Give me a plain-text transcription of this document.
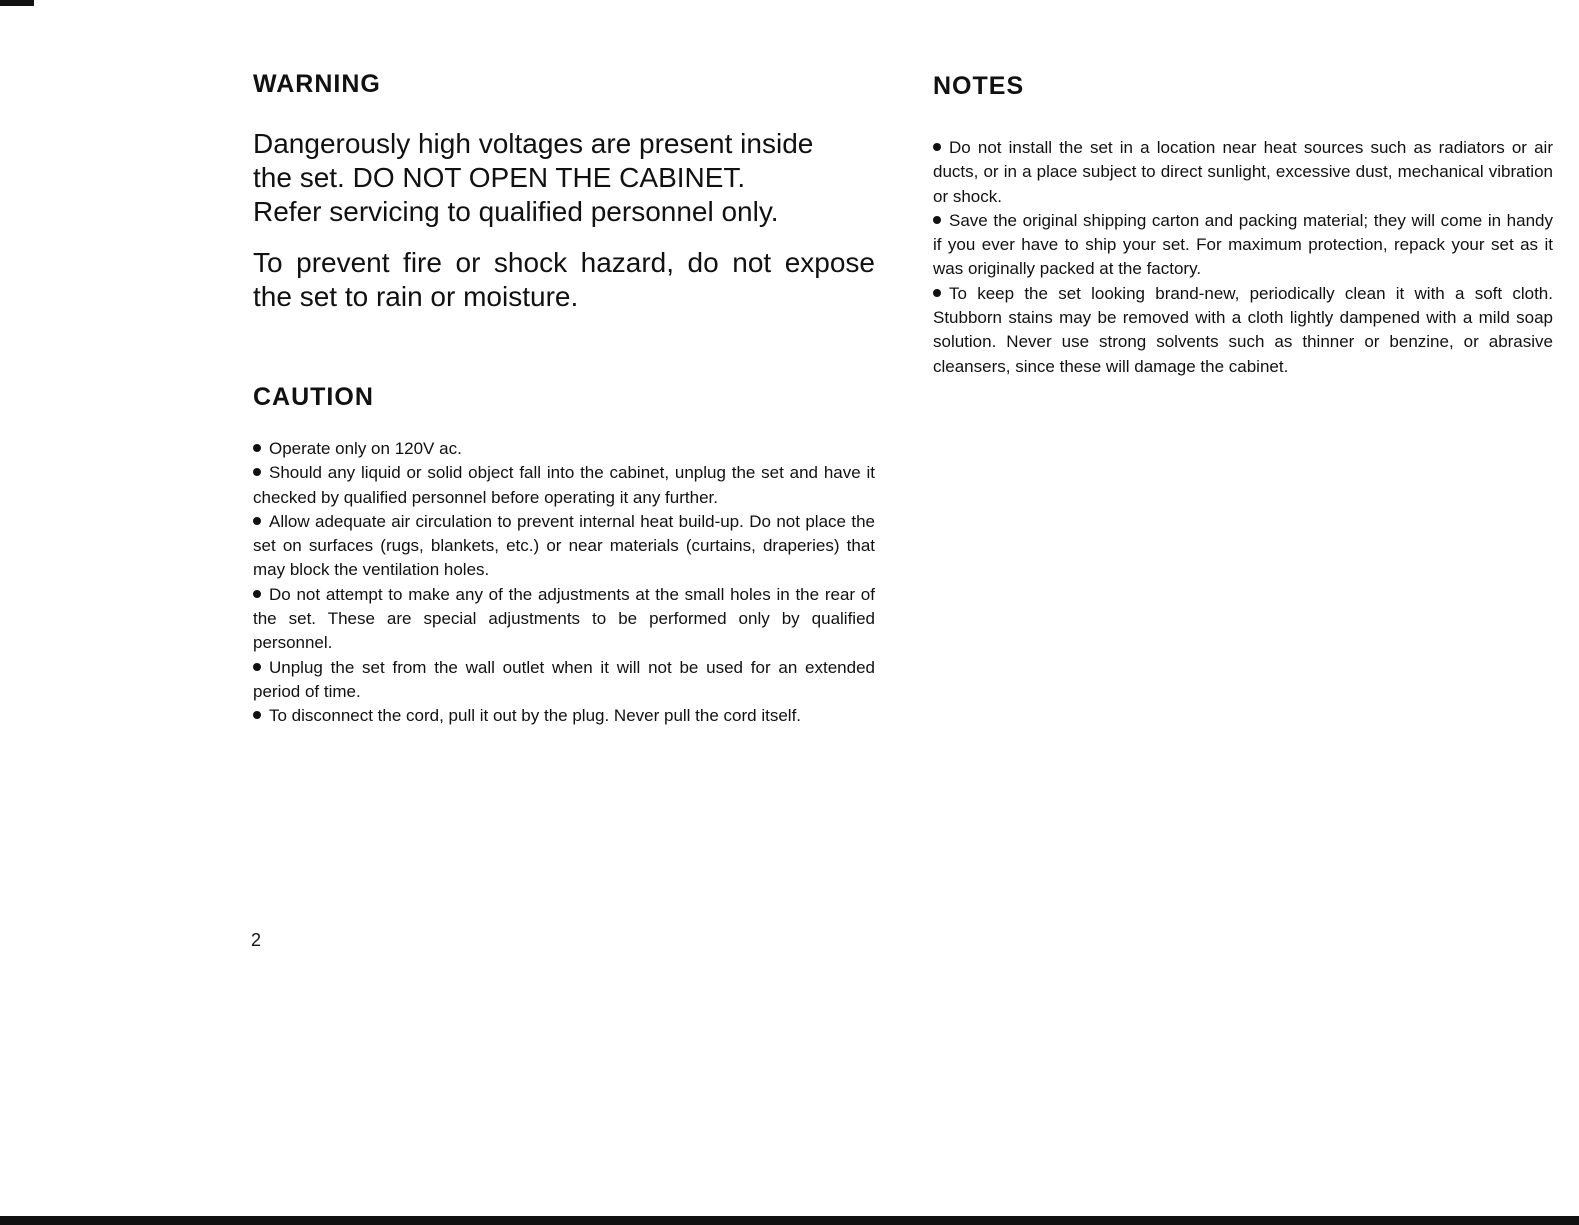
WARNING

Dangerously high voltages are present inside
the set. DO NOT OPEN THE CABINET.
Refer servicing to qualified personnel only.

To prevent fire or shock hazard, do not expose the set to rain or moisture.

CAUTION
Operate only on 120V ac.
Should any liquid or solid object fall into the cabinet, unplug the set and have it checked by qualified personnel before operating it any further.
Allow adequate air circulation to prevent internal heat build-up. Do not place the set on surfaces (rugs, blankets, etc.) or near materials (curtains, draperies) that may block the ventilation holes.
Do not attempt to make any of the adjustments at the small holes in the rear of the set. These are special adjustments to be performed only by qualified personnel.
Unplug the set from the wall outlet when it will not be used for an extended period of time.
To disconnect the cord, pull it out by the plug. Never pull the cord itself.
NOTES
Do not install the set in a location near heat sources such as radiators or air ducts, or in a place subject to direct sunlight, excessive dust, mechanical vibration or shock.
Save the original shipping carton and packing material; they will come in handy if you ever have to ship your set. For maximum protection, repack your set as it was originally packed at the factory.
To keep the set looking brand-new, periodically clean it with a soft cloth. Stubborn stains may be removed with a cloth lightly dampened with a mild soap solution. Never use strong solvents such as thinner or benzine, or abrasive cleansers, since these will damage the cabinet.

2
